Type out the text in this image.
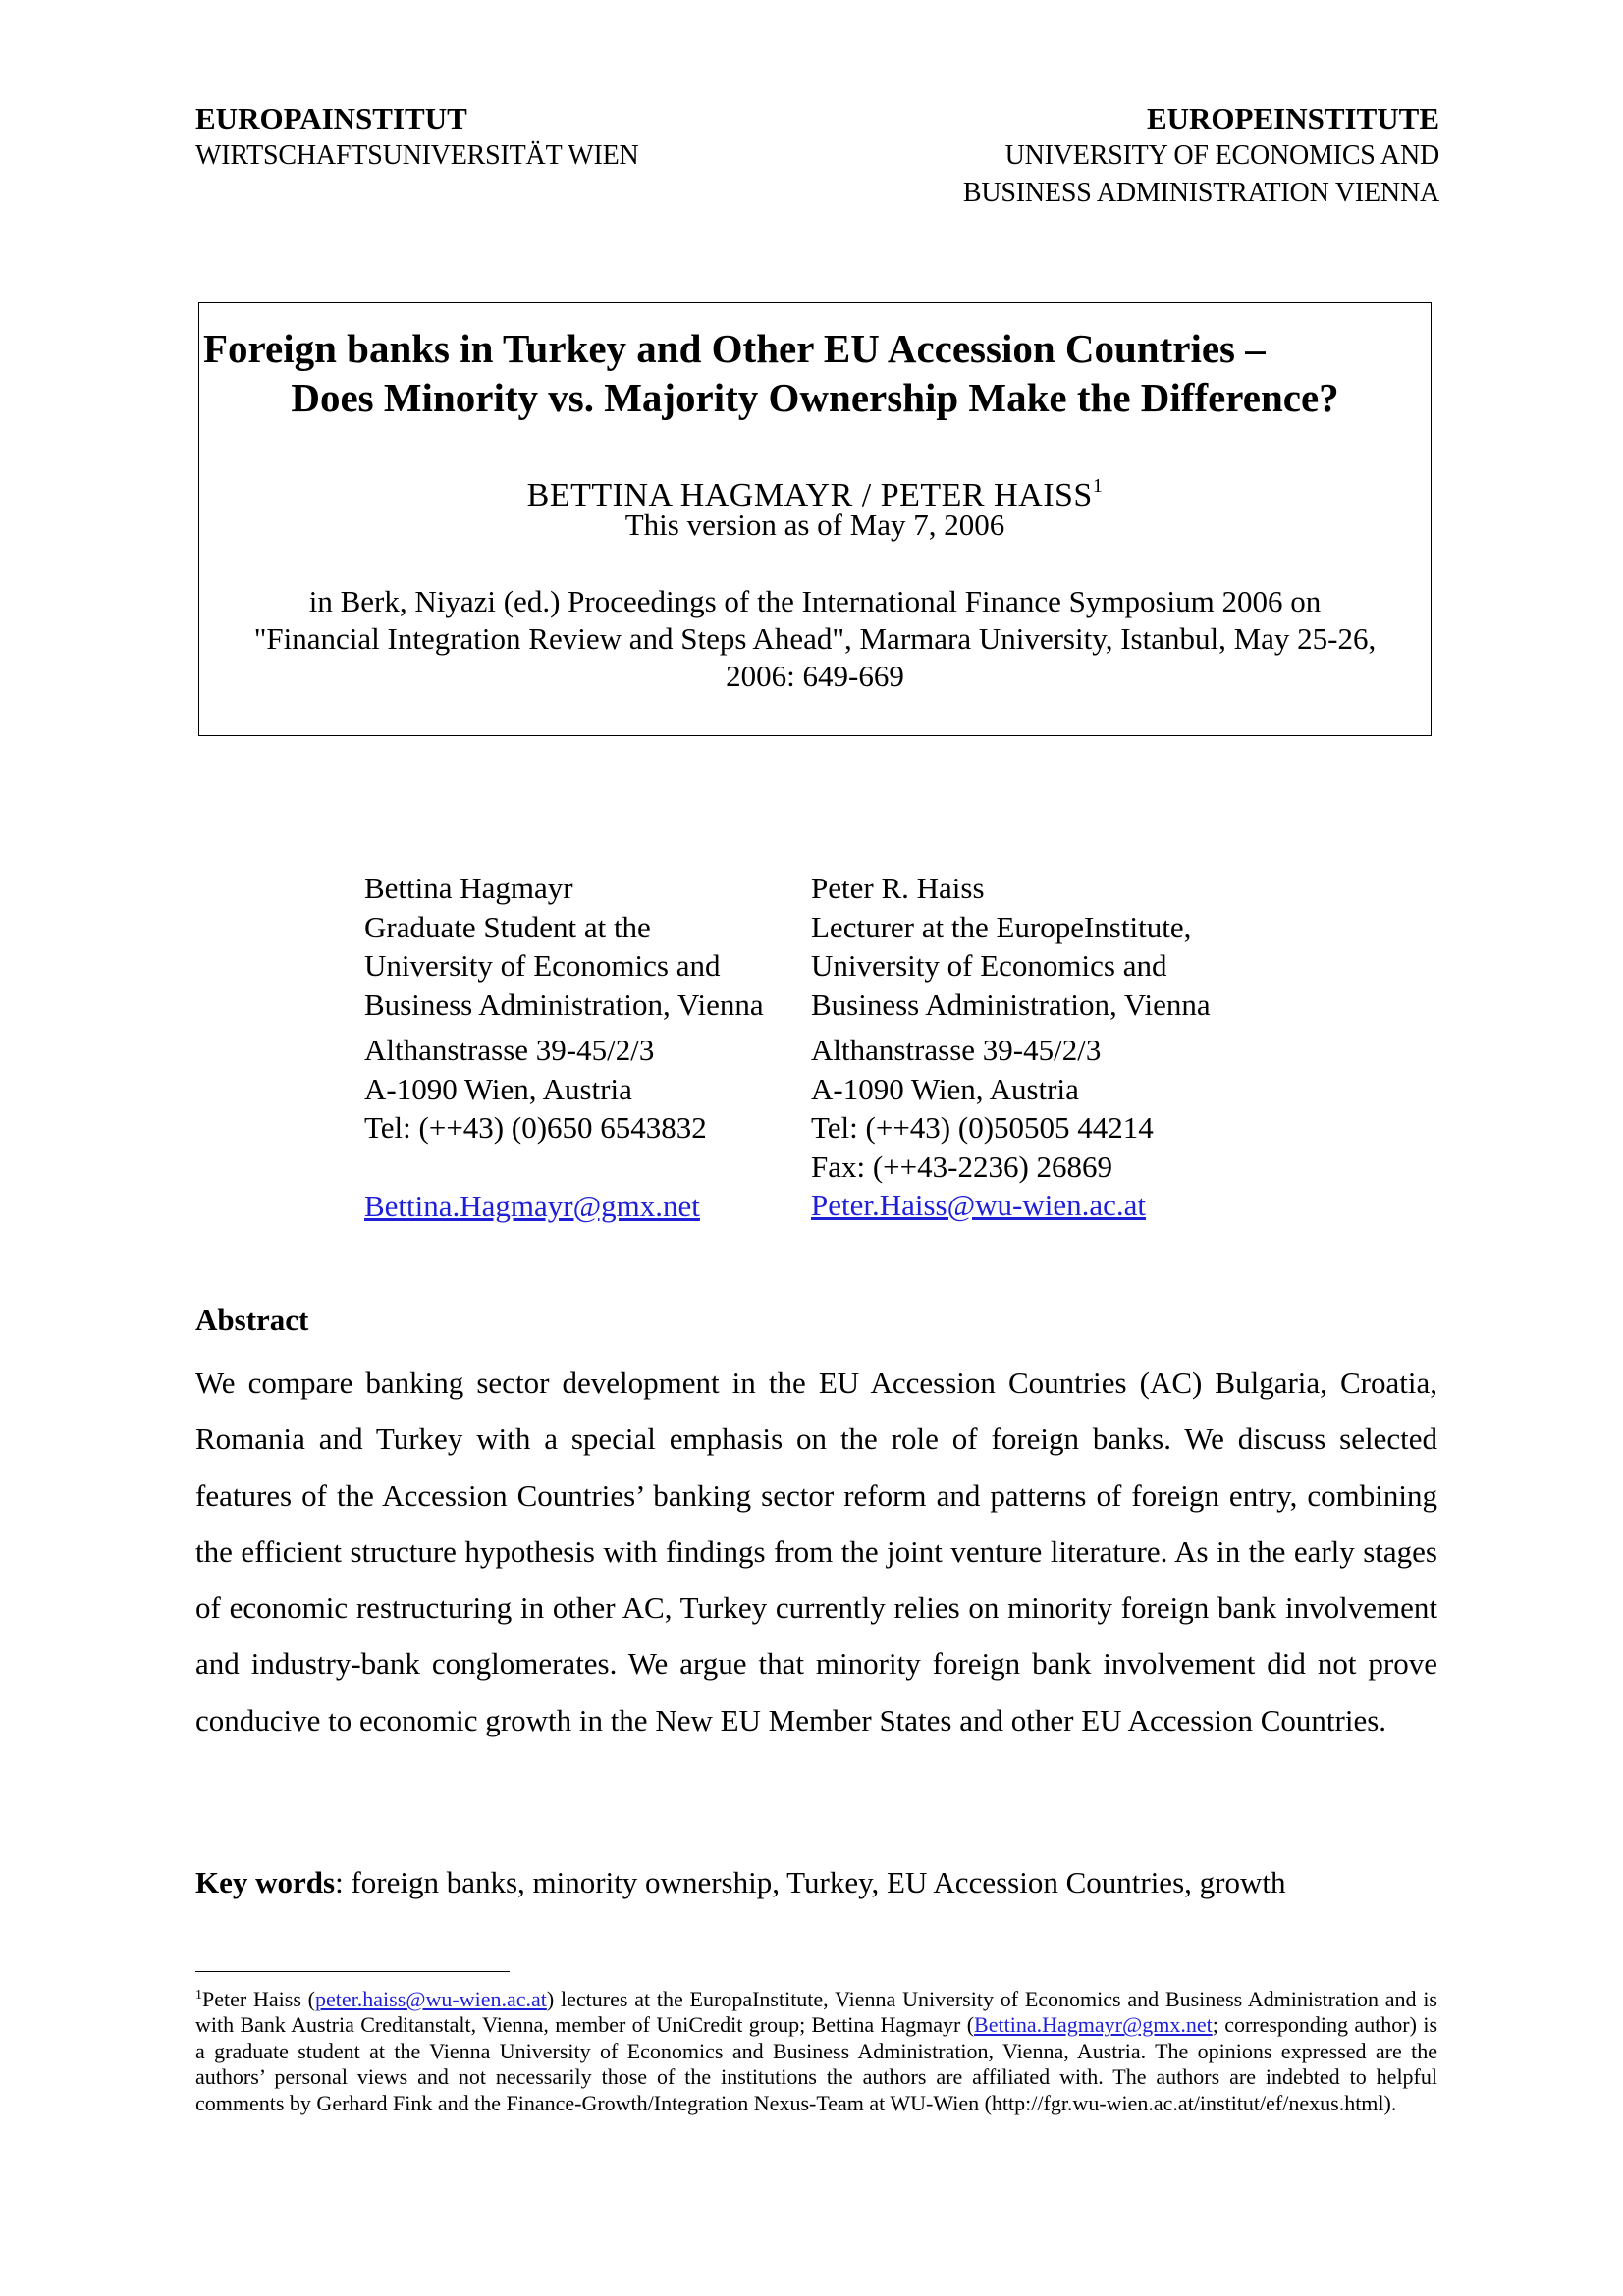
EUROPAINSTITUT
WIRTSCHAFTSUNIVERSITÄT WIEN
EUROPEINSTITUTE
UNIVERSITY OF ECONOMICS AND
BUSINESS ADMINISTRATION VIENNA
Foreign banks in Turkey and Other EU Accession Countries –
Does Minority vs. Majority Ownership Make the Difference?
BETTINA HAGMAYR / PETER HAISS$^1$
This version as of May 7, 2006
in Berk, Niyazi (ed.) Proceedings of the International Finance Symposium 2006 on
"Financial Integration Review and Steps Ahead", Marmara University, Istanbul, May 25-26,
2006: 649-669
Bettina Hagmayr
Graduate Student at the
University of Economics and
Business Administration, Vienna
Althanstrasse 39-45/2/3
A-1090 Wien, Austria
Tel: (++43) (0)650 6543832
Bettina.Hagmayr@gmx.net
Peter R. Haiss
Lecturer at the EuropeInstitute,
University of Economics and
Business Administration, Vienna
Althanstrasse 39-45/2/3
A-1090 Wien, Austria
Tel: (++43) (0)50505 44214
Fax: (++43-2236) 26869
Peter.Haiss@wu-wien.ac.at
Abstract

We compare banking sector development in the EU Accession Countries (AC) Bulgaria, Croatia, Romania and Turkey with a special emphasis on the role of foreign banks. We discuss selected features of the Accession Countries’ banking sector reform and patterns of foreign entry, combining the efficient structure hypothesis with findings from the joint venture literature. As in the early stages of economic restructuring in other AC, Turkey currently relies on minority foreign bank involvement and industry-bank conglomerates. We argue that minority foreign bank involvement did not prove conducive to economic growth in the New EU Member States and other EU Accession Countries.

Key words: foreign banks, minority ownership, Turkey, EU Accession Countries, growth

$^1$Peter Haiss (peter.haiss@wu-wien.ac.at) lectures at the EuropaInstitute, Vienna University of Economics and Business Administration and is with Bank Austria Creditanstalt, Vienna, member of UniCredit group; Bettina Hagmayr (Bettina.Hagmayr@gmx.net; corresponding author) is a graduate student at the Vienna University of Economics and Business Administration, Vienna, Austria. The opinions expressed are the authors’ personal views and not necessarily those of the institutions the authors are affiliated with. The authors are indebted to helpful comments by Gerhard Fink and the Finance-Growth/Integration Nexus-Team at WU-Wien (http://fgr.wu-wien.ac.at/institut/ef/nexus.html).
